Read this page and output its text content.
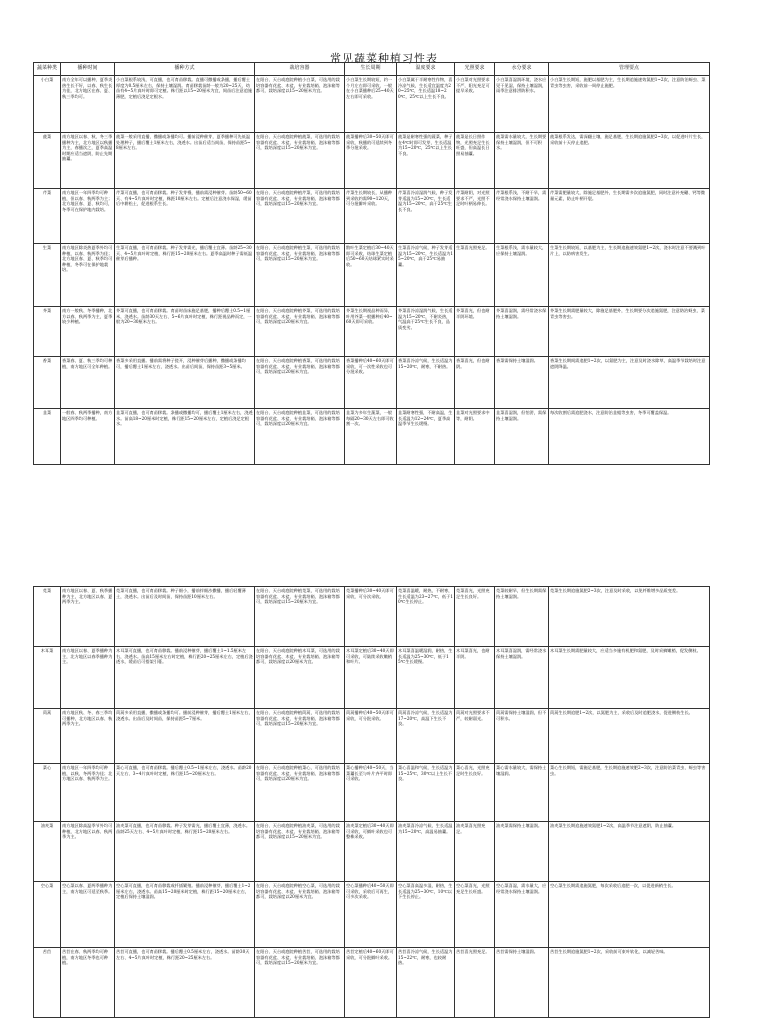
常见蔬菜种植习性表
蔬菜种类	播种时间	播种方式	栽培容器	生长周期	温度要求	光照要求	水分要求	管理要点
小白菜	南方全年可以播种，夏季炎热生长不好，以春、秋生长为佳，北方地区在春、夏、秋三季均可。	小白菜根系较浅，可直播，也可育苗移栽。直播可撒播或条播，播后覆土厚度为0.5厘米左右，保持土壤湿润。育苗移栽苗龄一般为20~25天，幼苗有4~5片真叶时即可定植。株行距以15~20厘米为宜，间苗后注意追施薄肥，定植后浇足定根水。	在阳台、天台或庭院种植小白菜，可选用的栽培容器有花盆、木盆，专业栽培箱、泡沫箱等都可，栽培深度以15~20厘米为宜。	小白菜生长期较短，约一个月左右即可采收，一般在小白菜播种后25~40天左右即可采收。	小白菜属于半耐寒性作物，喜冷凉气候，生长适宜温度为20~25℃，生长适温18~20℃，25℃以上生长不良。	小白菜对光照要求不严，阳光充足可提早采收。	小白菜喜湿润环境，浇水应见干见湿，保持土壤湿润，雨季注意排涝防积水。	小白菜生长期短，施肥以基肥为主，生长期追施速效氮肥1~2次，注意防治蚜虫、菜青虫等虫害，采收前一周停止施肥。
菠菜	南方地区以春、秋、冬三季播种为主，北方地区以秋播为主，春播次之，夏季高温时期应适当遮阴，防止先期抽薹。	菠菜一般采用直播，撒播或条播均可。播前浸种催芽，夏季播种可先低温处理种子，播后覆土1厘米左右，浇透水。出苗后适当间苗，保持苗距5~8厘米左右。	在阳台、天台或庭院种植菠菜，可选用的栽培容器有花盆、木盆、专业栽培箱、泡沫箱等都可，栽培深度以15~20厘米为宜。	菠菜播种后30~50天即可采收，秋播的可延续到冬季分批采收。	菠菜是耐寒性强的蔬菜，种子在4℃时即可发芽，生长适温为15~20℃，25℃以上生长不良。	菠菜是长日照作物，光照充足生长旺盛，但高温长日照易抽薹。	菠菜需水量较大，生长期要保持土壤湿润，但不可积水。	菠菜根系发达，需深翻土壤，施足基肥，生长期追施氮肥2~3次，以促进叶片生长，采收前十天停止追肥。
芹菜	南方地区一年四季均可种植，但以春、秋两季为主；北方地区春、夏、秋均可，冬季可在保护地内栽培。	芹菜可直播，也可育苗移栽。种子发芽慢，播前需浸种催芽。苗龄50~60天、有4~5片真叶时定植，株距10厘米左右。定植后注意浇水保湿，缓苗后中耕松土，促进根系生长。	在阳台、天台或庭院种植芹菜，可选用的栽培容器有花盆、木盆、专业栽培箱、泡沫箱等都可，栽培深度以15~20厘米为宜。	芹菜生长期较长，从播种到采收约需90~120天，可分批擗叶采收。	芹菜喜冷凉湿润气候，种子发芽适温为15~20℃，生长适温为15~20℃，高于25℃生长不良。	芹菜耐阴，对光照要求不严，光照不足时叶柄易伸长。	芹菜根系浅，不耐干旱，需经常浇水保持土壤湿润。	芹菜需肥量较大，除施足基肥外，生长期需多次追施氮肥，同时注意补充硼、钙等微量元素，防止叶柄开裂。
生菜	南方地区除炎热夏季外均可种植，以春、秋两季为佳；北方地区春、夏、秋季均可种植，冬季可在保护地栽培。	生菜可直播，也可育苗移栽。种子发芽需光，播后覆土宜薄。苗龄25~30天、4~5片真叶时定植，株行距15~20厘米左右。夏季高温时种子需低温催芽后播种。	在阳台、天台或庭院种植生菜，可选用的栽培容器有花盆、木盆、专业栽培箱、泡沫箱等都可，栽培深度以15~20厘米为宜。	散叶生菜定植后30~40天即可采收，结球生菜定植后50~60天结球紧实时采收。	生菜喜冷凉气候，种子发芽适温为15~20℃，生长适温为15~20℃，高于25℃易抽薹。	生菜喜光照充足。	生菜根系浅，需水量较大，应保持土壤湿润。	生菜生长期较短，以基肥为主，生长期追施速效氮肥1~2次，浇水时注意不要溅到叶片上，以防病害发生。
芥菜	南方一般秋、冬季播种，北方以春、秋两季为主，夏季较少种植。	芥菜可直播，也可育苗移栽。育苗时苗床施足基肥，播种后覆土0.5~1厘米，浇透水。苗龄30天左右、5~6片真叶时定植，株行距视品种而定，一般为20~30厘米左右。	在阳台、天台或庭院种植芥菜，可选用的栽培容器有花盆、木盆、专业栽培箱、泡沫箱等都可，栽培深度以20厘米为宜。	芥菜生长期视品种而异，叶用芥菜一般播种后40~60天即可采收。	芥菜喜冷凉湿润气候，生长适温为15~20℃，不耐炎热，气温高于25℃生长不良，品质变劣。	芥菜喜光，但也耐半阴环境。	芥菜喜湿润，需经常浇水保持土壤湿润。	芥菜生长期需肥量较大，除施足基肥外，生长期要分次追施氮肥，注意防治蚜虫、菜青虫等害虫。
香菜	香菜春、夏、秋三季均可种植，南方地区可全年种植。	香菜多采用直播。播前需将种子搓开，浸种催芽后播种，撒播或条播均可，播后覆土1厘米左右，浇透水。出苗后间苗，保持苗距3~5厘米。	在阳台、天台或庭院种植香菜，可选用的栽培容器有花盆、木盆、专业栽培箱、泡沫箱等都可，栽培深度以20厘米为宜。	香菜播种后40~60天即可采收，可一次性采收也可分批采收。	香菜喜冷凉气候，生长适温为15~20℃，耐寒，不耐热。	香菜喜光，但也耐阴。	香菜需保持土壤湿润。	香菜生长期间需追肥1~2次，以氮肥为主，注意及时浇水除草，高温季节栽培时注意遮阴降温。
韭菜	一般春、秋两季播种，南方地区四季均可种植。	韭菜可直播，也可育苗移栽。条播或撒播均可，播后覆土1厘米左右，浇透水。苗高18~20厘米时定植，株行距15~20厘米左右，定植后浇足定根水。	在阳台、天台或庭院种植韭菜，可选用的栽培容器有花盆、木盆、专业栽培箱、泡沫箱等都可，栽培深度以20厘米为宜。	韭菜为多年生蔬菜，一般每隔20~30天左右即可收割一次。	韭菜耐寒性强，不耐高温，生长适温为12~24℃，夏季高温季节生长缓慢。	韭菜对光照要求中等，耐阴。	韭菜喜湿润，但怕涝，需保持土壤湿润。	每次收割后需追肥浇水，注意防治韭蛆等虫害，冬季可覆盖保温。
苋菜	南方地区以春、夏、秋季播种为主，北方地区以春、夏两季为主。	苋菜可直播，也可育苗移栽。种子细小，播前拌细沙撒播，播后轻覆薄土，浇透水。出苗后及时间苗，保持苗距10厘米左右。	在阳台、天台或庭院种植苋菜，可选用的栽培容器有花盆、木盆、专业栽培箱、泡沫箱等都可，栽培深度以15~20厘米为宜。	苋菜播种后30~40天即可采收，可分次采收。	苋菜喜温暖，耐热，不耐寒，生长适温为23~27℃，低于10℃生长停止。	苋菜喜光，光照充足生长良好。	苋菜较耐旱，但生长期需保持土壤湿润。	苋菜生长期追施氮肥2~3次，注意及时采收，以免纤维增多品质变差。
木耳菜	南方地区以春、夏季播种为主，北方地区以春季播种为主。	木耳菜可直播，也可育苗移栽。播前浸种催芽，播后覆土1~1.5厘米左右，浇透水。苗高15厘米左右时定植，株行距20~25厘米左右，定植后浇透水，缓苗后可搭架引蔓。	在阳台、天台或庭院种植木耳菜，可选用的栽培容器有花盆、木盆、专业栽培箱、泡沫箱等都可，栽培深度以20厘米为宜。	木耳菜定植后30~40天即可采收，可陆续采收嫩梢和叶片。	木耳菜喜温暖湿润，耐热，生长适温为25~30℃，低于15℃生长缓慢。	木耳菜喜光，也耐半阴。	木耳菜喜湿润，需经常浇水保持土壤湿润。	木耳菜生长期需肥量较大，应适当多施有机肥和氮肥，及时采摘嫩梢，促发侧枝。
茼蒿	南方地区秋、冬、春三季均可播种，北方地区以春、秋两季为主。	茼蒿多采用直播，撒播或条播均可。播前浸种催芽，播后覆土1厘米左右，浇透水。出苗后及时间苗，保持苗距5~7厘米。	在阳台、天台或庭院种植茼蒿，可选用的栽培容器有花盆、木盆、专业栽培箱、泡沫箱等都可，栽培深度以15~20厘米为宜。	茼蒿播种后40~50天即可采收，可分批采收。	茼蒿喜冷凉气候，生长适温为17~20℃，高温下生长不良。	茼蒿对光照要求不严，较耐弱光。	茼蒿需保持土壤湿润，但不可积水。	茼蒿生长期追肥1~2次，以氮肥为主，采收后及时追肥浇水，促进侧枝生长。
菜心	南方地区一年四季均可种植，以秋、冬两季为佳；北方地区以春、秋两季为主。	菜心可直播，也可育苗移栽。播后覆土0.5~1厘米左右，浇透水。苗龄20天左右、3~4片真叶时定植，株行距15~20厘米左右。	在阳台、天台或庭院种植菜心，可选用的栽培容器有花盆、木盆、专业栽培箱、泡沫箱等都可，栽培深度以20厘米为宜。	菜心播种后40~50天，当菜薹长至与叶片齐平时即可采收。	菜心喜温和气候，生长适温为15~25℃，30℃以上生长不良。	菜心喜光，光照充足时生长良好。	菜心需水量较大，需保持土壤湿润。	菜心生长期短，需施足基肥，生长期追施速效肥2~3次，注意防治菜青虫、蚜虫等害虫。
油麦菜	南方地区除高温季节外均可种植，北方地区以春、秋两季为主。	油麦菜可直播，也可育苗移栽。种子发芽需光，播后覆土宜薄，浇透水。苗龄25天左右、4~5片真叶时定植，株行距15~20厘米左右。	在阳台、天台或庭院种植油麦菜，可选用的栽培容器有花盆、木盆、专业栽培箱、泡沫箱等都可，栽培深度以15~20厘米为宜。	油麦菜定植后30~40天即可采收，可擗叶采收也可整株采收。	油麦菜喜冷凉气候，生长适温为15~20℃，高温易抽薹。	油麦菜喜光照充足。	油麦菜需保持土壤湿润。	油麦菜生长期追施速效氮肥1~2次，高温季节注意遮阴，防止抽薹。
空心菜	空心菜以春、夏两季播种为主，南方地区可延至秋季。	空心菜可直播，也可育苗移栽或扦插繁殖。播前浸种催芽，播后覆土1~2厘米左右，浇透水。苗高15~20厘米时定植，株行距15~20厘米左右，定植后保持土壤湿润。	在阳台、天台或庭院种植空心菜，可选用的栽培容器有花盆、木盆、专业栽培箱、泡沫箱等都可，栽培深度以20厘米为宜。	空心菜播种后40~50天即可采收，采收后可再生，可多次采收。	空心菜喜高温多湿，耐热，生长适温为25~30℃，10℃以下生长停止。	空心菜喜光，光照充足生长旺盛。	空心菜喜湿，需水量大，应经常浇水保持土壤湿润。	空心菜生长期需追施氮肥，每次采收后追肥一次，以促进新梢生长。
苦苣	苦苣在春、秋两季均可种植，南方地区冬季也可种植。	苦苣可直播，也可育苗移栽。播后覆土0.5厘米左右，浇透水。苗龄30天左右、4~5片真叶时定植，株行距20~25厘米左右。	在阳台、天台或庭院种植苦苣，可选用的栽培容器有花盆、木盆、专业栽培箱、泡沫箱等都可，栽培深度以15~20厘米为宜。	苦苣定植后40~60天即可采收，可分批擗叶采收。	苦苣喜冷凉气候，生长适温为15~22℃，耐寒，也较耐热。	苦苣喜光照充足。	苦苣需保持土壤湿润。	苦苣生长期追施氮肥1~2次，采收前可束叶软化，以减轻苦味。
